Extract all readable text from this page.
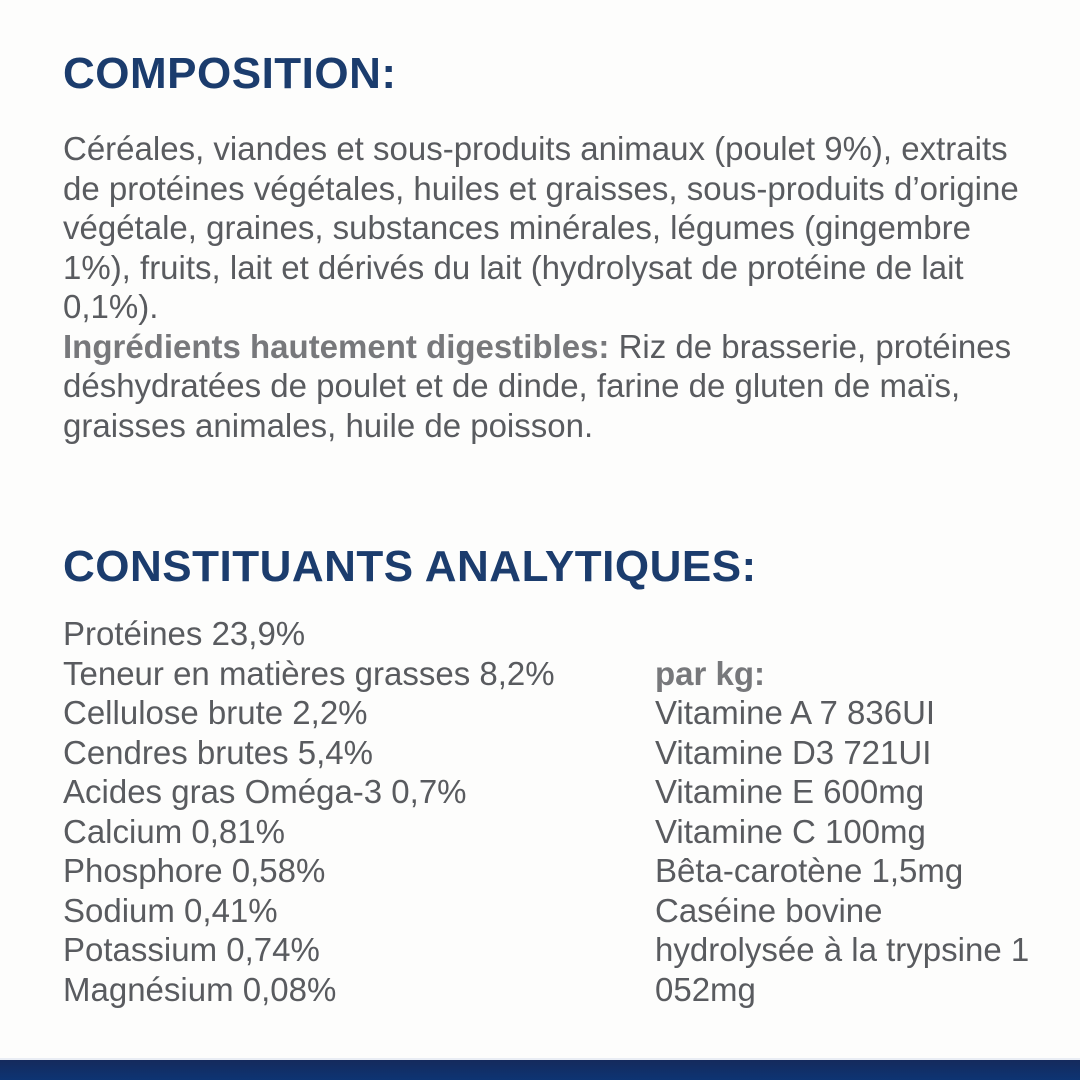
COMPOSITION:

Céréales, viandes et sous-produits animaux (poulet 9%), extraits de protéines végétales, huiles et graisses, sous-produits d’origine végétale, graines, substances minérales, légumes (gingembre 1%), fruits, lait et dérivés du lait (hydrolysat de protéine de lait 0,1%).

Ingrédients hautement digestibles: Riz de brasserie, protéines déshydratées de poulet et de dinde, farine de gluten de maïs, graisses animales, huile de poisson.

CONSTITUANTS ANALYTIQUES:
Protéines 23,9%
Teneur en matières grasses 8,2%
Cellulose brute 2,2%
Cendres brutes 5,4%
Acides gras Oméga-3 0,7%
Calcium 0,81%
Phosphore 0,58%
Sodium 0,41%
Potassium 0,74%
Magnésium 0,08%
par kg:
Vitamine A 7 836UI
Vitamine D3 721UI
Vitamine E 600mg
Vitamine C 100mg
Bêta-carotène 1,5mg
Caséine bovine hydrolysée à la trypsine 1 052mg
